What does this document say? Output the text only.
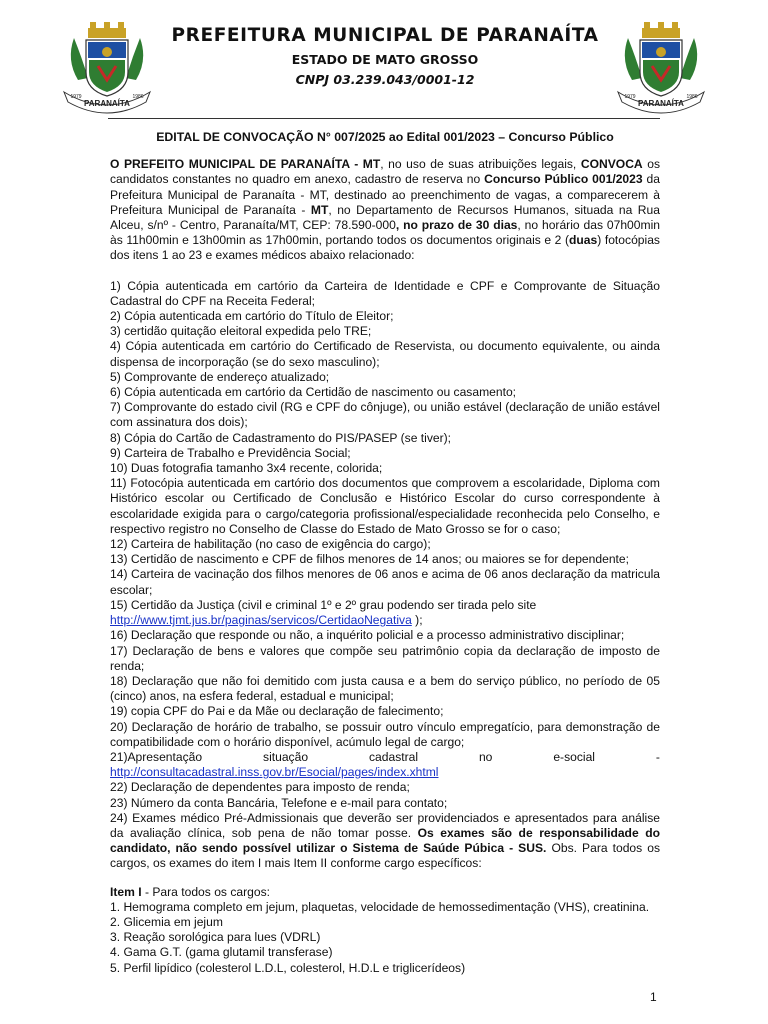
PARANAÍTA
1979	1986
PARANAÍTA
1979	1986

PREFEITURA MUNICIPAL DE PARANAÍTA

ESTADO DE MATO GROSSO

CNPJ 03.239.043/0001-12

EDITAL DE CONVOCAÇÃO N° 007/2025 ao Edital 001/2023 – Concurso Público

O PREFEITO MUNICIPAL DE PARANAÍTA - MT, no uso de suas atribuições legais, CONVOCA os candidatos constantes no quadro em anexo, cadastro de reserva no Concurso Público 001/2023 da Prefeitura Municipal de Paranaíta - MT, destinado ao preenchimento de vagas, a comparecerem à Prefeitura Municipal de Paranaíta - MT, no Departamento de Recursos Humanos, situada na Rua Alceu, s/nº - Centro, Paranaíta/MT, CEP: 78.590-000, no prazo de 30 dias, no horário das 07h00min às 11h00min e 13h00min as 17h00min, portando todos os documentos originais e 2 (duas) fotocópias dos itens 1 ao 23 e exames médicos abaixo relacionado:

1) Cópia autenticada em cartório da Carteira de Identidade e CPF e Comprovante de Situação Cadastral do CPF na Receita Federal;

2) Cópia autenticada em cartório do Título de Eleitor;

3) certidão quitação eleitoral expedida pelo TRE;

4) Cópia autenticada em cartório do Certificado de Reservista, ou documento equivalente, ou ainda dispensa de incorporação (se do sexo masculino);

5) Comprovante de endereço atualizado;

6) Cópia autenticada em cartório da Certidão de nascimento ou casamento;

7) Comprovante do estado civil (RG e CPF do cônjuge), ou união estável (declaração de união estável com assinatura dos dois);

8) Cópia do Cartão de Cadastramento do PIS/PASEP (se tiver);

9) Carteira de Trabalho e Previdência Social;

10) Duas fotografia tamanho 3x4 recente, colorida;

11) Fotocópia autenticada em cartório dos documentos que comprovem a escolaridade, Diploma com Histórico escolar ou Certificado de Conclusão e Histórico Escolar do curso correspondente à escolaridade exigida para o cargo/categoria profissional/especialidade reconhecida pelo Conselho, e respectivo registro no Conselho de Classe do Estado de Mato Grosso se for o caso;

12) Carteira de habilitação (no caso de exigência do cargo);

13) Certidão de nascimento e CPF de filhos menores de 14 anos; ou maiores se for dependente;

14) Carteira de vacinação dos filhos menores de 06 anos e acima de 06 anos declaração da matricula escolar;

15) Certidão da Justiça (civil e criminal 1º e 2º grau podendo ser tirada pelo site
http://www.tjmt.jus.br/paginas/servicos/CertidaoNegativa );

16) Declaração que responde ou não, a inquérito policial e a processo administrativo disciplinar;

17) Declaração de bens e valores que compõe seu patrimônio copia da declaração de imposto de renda;

18) Declaração que não foi demitido com justa causa e a bem do serviço público, no período de 05 (cinco) anos, na esfera federal, estadual e municipal;

19) copia CPF do Pai e da Mãe ou declaração de falecimento;

20) Declaração de horário de trabalho, se possuir outro vínculo empregatício, para demonstração de compatibilidade com o horário disponível, acúmulo legal de cargo;

21)Apresentação	situação	cadastral	no	e-social	-

http://consultacadastral.inss.gov.br/Esocial/pages/index.xhtml

22) Declaração de dependentes para imposto de renda;

23) Número da conta Bancária, Telefone e e-mail para contato;

24) Exames médico Pré-Admissionais que deverão ser providenciados e apresentados para análise da avaliação clínica, sob pena de não tomar posse. Os exames são de responsabilidade do candidato, não sendo possível utilizar o Sistema de Saúde Púbica - SUS. Obs. Para todos os cargos, os exames do item I mais Item II conforme cargo específicos:

Item I - Para todos os cargos:

1. Hemograma completo em jejum, plaquetas, velocidade de hemossedimentação (VHS), creatinina.

2. Glicemia em jejum

3. Reação sorológica para lues (VDRL)

4. Gama G.T. (gama glutamil transferase)

5. Perfil lipídico (colesterol L.D.L, colesterol, H.D.L e triglicerídeos)

1
